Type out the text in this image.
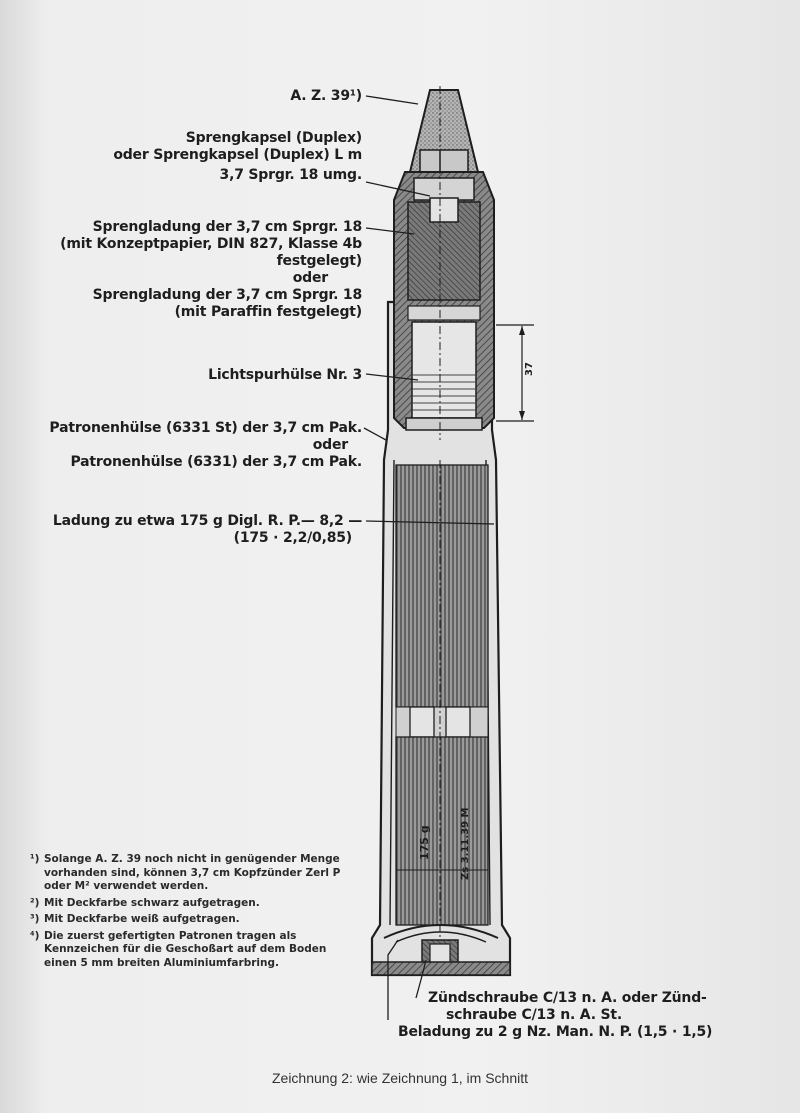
175 g	Zs 3.11.39 M
37
A. Z. 39¹)
Sprengkapsel (Duplex)
oder Sprengkapsel (Duplex) L m
3,7 Sprgr. 18 umg.
Sprengladung der 3,7 cm Sprgr. 18
(mit Konzeptpapier, DIN 827, Klasse 4b
festgelegt)
oder
Sprengladung der 3,7 cm Sprgr. 18
(mit Paraffin festgelegt)
Lichtspurhülse Nr. 3
Patronenhülse (6331 St) der 3,7 cm Pak.
oder
Patronenhülse (6331) der 3,7 cm Pak.
Ladung zu etwa 175 g Digl. R. P.— 8,2 —
(175 · 2,2/0,85)
Zündschraube C/13 n. A. oder Zünd-
schraube C/13 n. A. St.
Beladung zu 2 g Nz. Man. N. P. (1,5 · 1,5)
¹) Solange A. Z. 39 noch nicht in genügender Menge vorhanden sind, können 3,7 cm Kopfzünder Zerl P oder M² verwendet werden.
²) Mit Deckfarbe schwarz aufgetragen.
³) Mit Deckfarbe weiß aufgetragen.
⁴) Die zuerst gefertigten Patronen tragen als Kennzeichen für die Geschoßart auf dem Boden einen 5 mm breiten Aluminiumfarbring.
Zeichnung 2: wie Zeichnung 1, im Schnitt
